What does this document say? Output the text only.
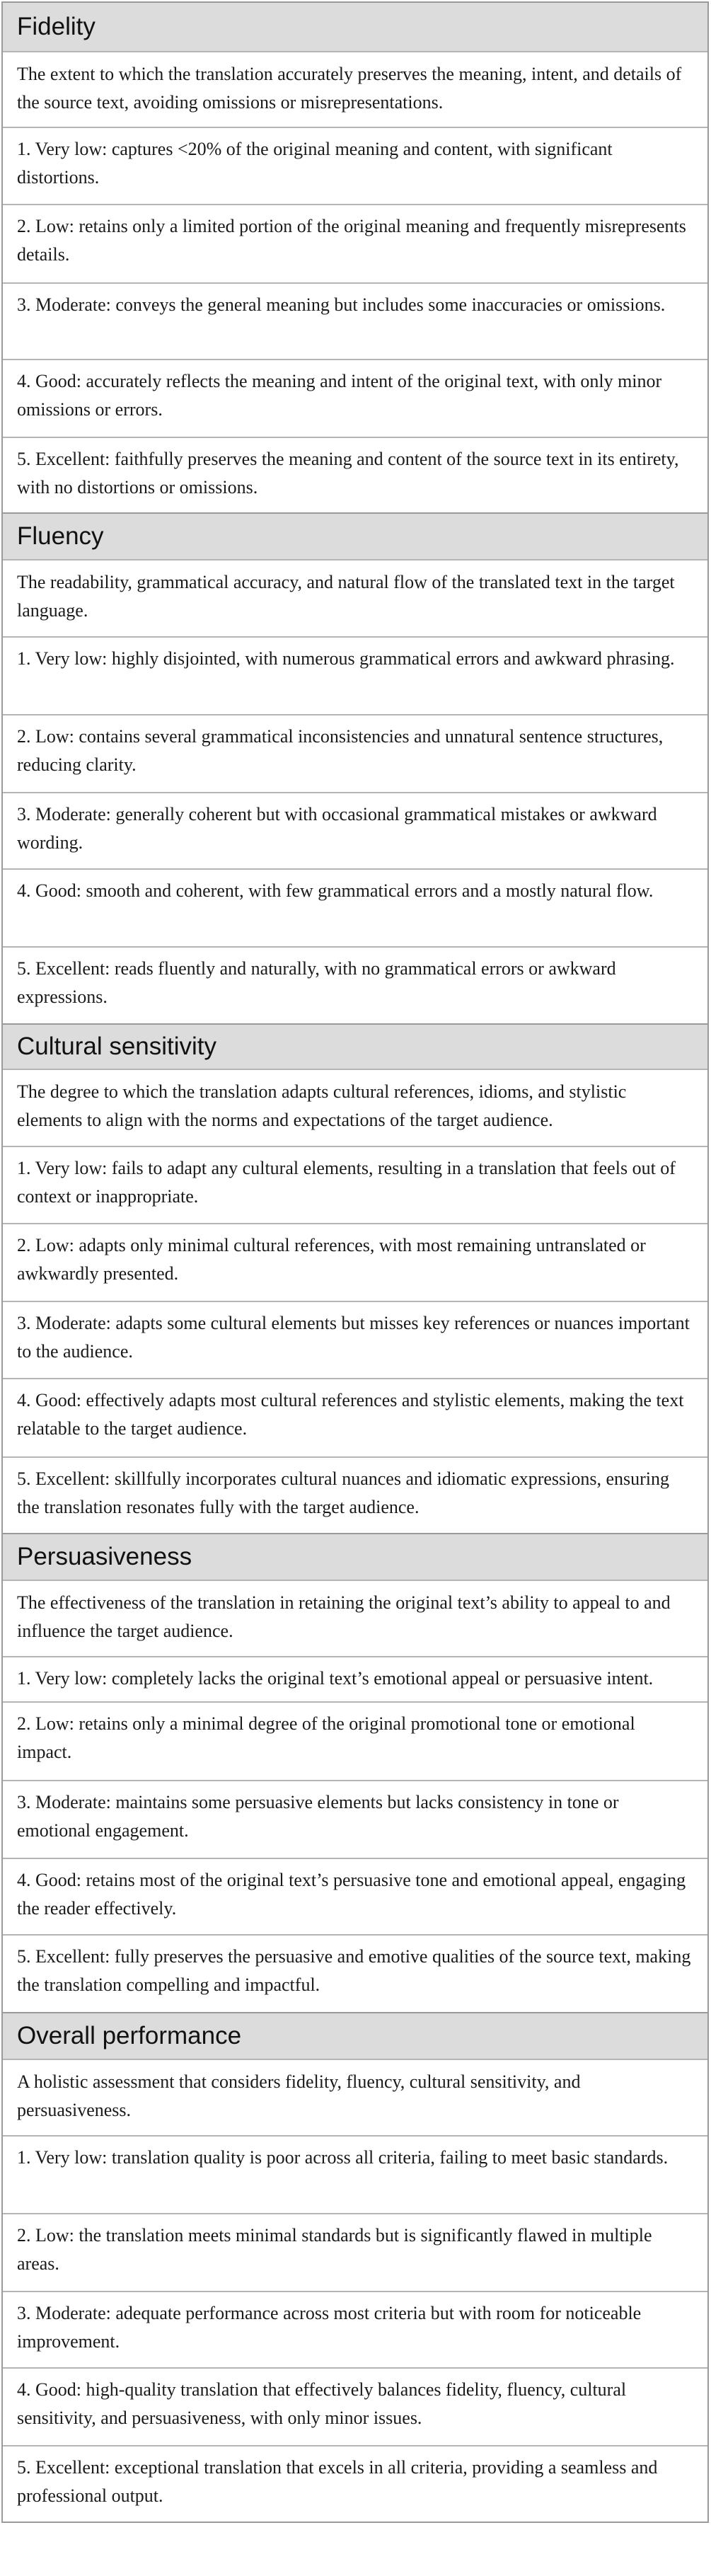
Fidelity
The extent to which the translation accurately preserves the meaning, intent, and details of the source text, avoiding omissions or misrepresentations.
1. Very low: captures <20% of the original meaning and content, with significant distortions.
2. Low: retains only a limited portion of the original meaning and frequently misrepresents details.
3. Moderate: conveys the general meaning but includes some inaccuracies or omissions.
4. Good: accurately reflects the meaning and intent of the original text, with only minor omissions or errors.
5. Excellent: faithfully preserves the meaning and content of the source text in its entirety, with no distortions or omissions.
Fluency
The readability, grammatical accuracy, and natural flow of the translated text in the target language.
1. Very low: highly disjointed, with numerous grammatical errors and awkward phrasing.
2. Low: contains several grammatical inconsistencies and unnatural sentence structures, reducing clarity.
3. Moderate: generally coherent but with occasional grammatical mistakes or awkward wording.
4. Good: smooth and coherent, with few grammatical errors and a mostly natural flow.
5. Excellent: reads fluently and naturally, with no grammatical errors or awkward expressions.
Cultural sensitivity
The degree to which the translation adapts cultural references, idioms, and stylistic elements to align with the norms and expectations of the target audience.
1. Very low: fails to adapt any cultural elements, resulting in a translation that feels out of context or inappropriate.
2. Low: adapts only minimal cultural references, with most remaining untranslated or awkwardly presented.
3. Moderate: adapts some cultural elements but misses key references or nuances important to the audience.
4. Good: effectively adapts most cultural references and stylistic elements, making the text relatable to the target audience.
5. Excellent: skillfully incorporates cultural nuances and idiomatic expressions, ensuring the translation resonates fully with the target audience.
Persuasiveness
The effectiveness of the translation in retaining the original text’s ability to appeal to and influence the target audience.
1. Very low: completely lacks the original text’s emotional appeal or persuasive intent.
2. Low: retains only a minimal degree of the original promotional tone or emotional impact.
3. Moderate: maintains some persuasive elements but lacks consistency in tone or emotional engagement.
4. Good: retains most of the original text’s persuasive tone and emotional appeal, engaging the reader effectively.
5. Excellent: fully preserves the persuasive and emotive qualities of the source text, making the translation compelling and impactful.
Overall performance
A holistic assessment that considers fidelity, fluency, cultural sensitivity, and persuasiveness.
1. Very low: translation quality is poor across all criteria, failing to meet basic standards.
2. Low: the translation meets minimal standards but is significantly flawed in multiple areas.
3. Moderate: adequate performance across most criteria but with room for noticeable improvement.
4. Good: high-quality translation that effectively balances fidelity, fluency, cultural sensitivity, and persuasiveness, with only minor issues.
5. Excellent: exceptional translation that excels in all criteria, providing a seamless and professional output.
